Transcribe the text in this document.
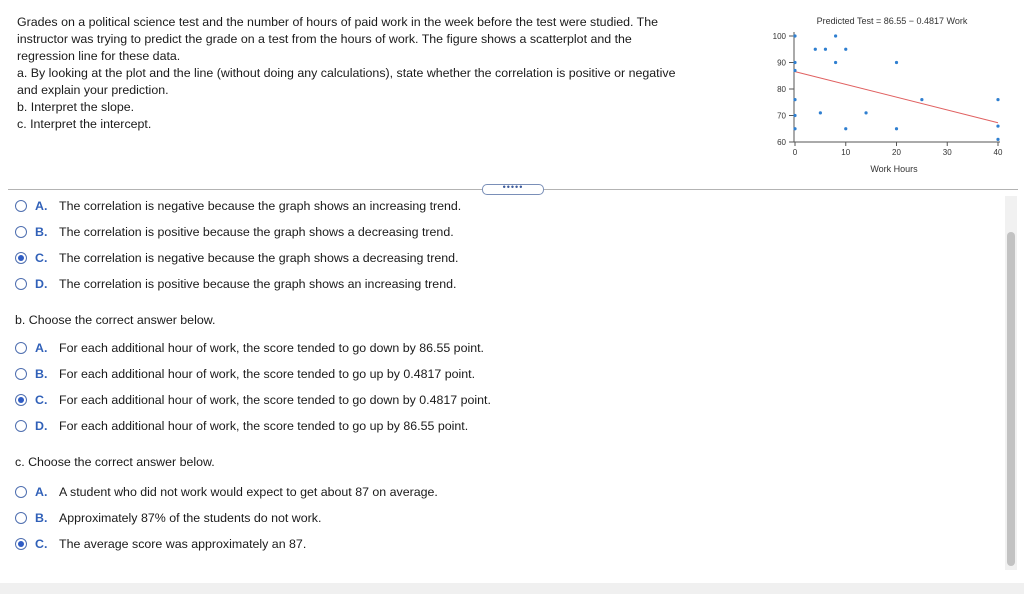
Grades on a political science test and the number of hours of paid work in the week before the test were studied. The

instructor was trying to predict the grade on a test from the hours of work. The figure shows a scatterplot and the

regression line for these data.

a. By looking at the plot and the line (without doing any calculations), state whether the correlation is positive or negative

and explain your prediction.

b. Interpret the slope.

c. Interpret the intercept.

Predicted Test = 86.55 − 0.4817 Work
60
70
80
90
100
0	10	20	30	40
Work Hours
•••••
A. The correlation is negative because the graph shows an increasing trend.
B. The correlation is positive because the graph shows a decreasing trend.
C. The correlation is negative because the graph shows a decreasing trend.
D. The correlation is positive because the graph shows an increasing trend.
b. Choose the correct answer below.
A. For each additional hour of work, the score tended to go down by 86.55 point.
B. For each additional hour of work, the score tended to go up by 0.4817 point.
C. For each additional hour of work, the score tended to go down by 0.4817 point.
D. For each additional hour of work, the score tended to go up by 86.55 point.
c. Choose the correct answer below.
A. A student who did not work would expect to get about 87 on average.
B. Approximately 87% of the students do not work.
C. The average score was approximately an 87.
